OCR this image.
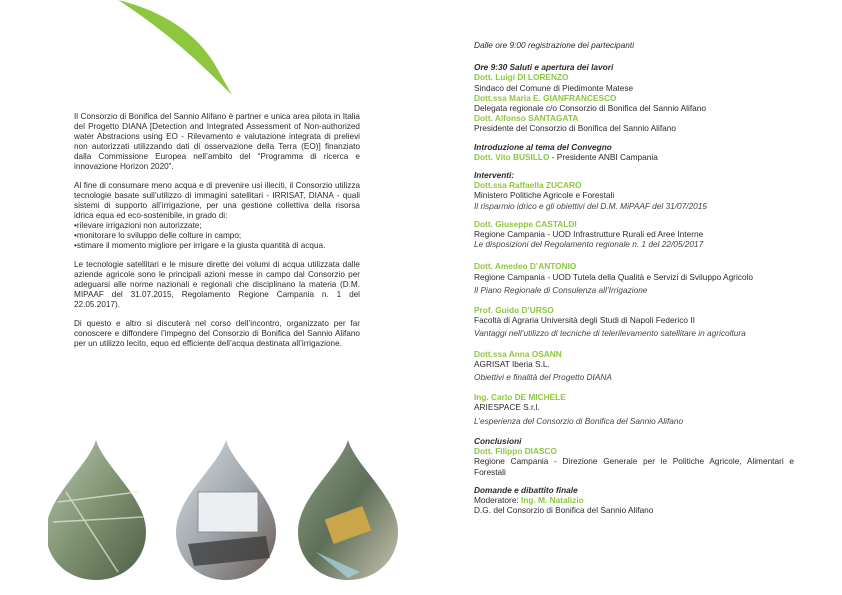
Il Consorzio di Bonifica del Sannio Alifano è partner e unica area pilota in Italia del Progetto DIANA [Detection and Integrated Assessment of Non-authorized water Abstracions using EO - Rilevamento e valutazione integrata di prelievi non autorizzati utilizzando dati di osservazione della Terra (EO)] finanziato dalla Commissione Europea nell’ambito del “Programma di ricerca e innovazione Horizon 2020”.

Al fine di consumare meno acqua e di prevenire usi illeciti, il Consorzio utilizza tecnologie basate sull’utilizzo di immagini satellitari - IRRISAT, DIANA - quali sistemi di supporto all’irrigazione, per una gestione collettiva della risorsa idrica equa ed eco-sostenibile, in grado di:

• rilevare irrigazioni non autorizzate;
• monitorare lo sviluppo delle colture in campo;
• stimare il momento migliore per irrigare e la giusta quantità di acqua.

Le tecnologie satellitari e le misure dirette dei volumi di acqua utilizzata dalle aziende agricole sono le principali azioni messe in campo dal Consorzio per adeguarsi alle norme nazionali e regionali che disciplinano la materia (D.M. MIPAAF del 31.07.2015, Regolamento Regione Campania n. 1 del 22.05.2017).

Di questo e altro si discuterà nel corso dell’incontro, organizzato per far conoscere e diffondere l’impegno del Consorzio di Bonifica del Sannio Alifano per un utilizzo lecito, equo ed efficiente dell’acqua destinata all’irrigazione.

Dalle ore 9:00 registrazione dei partecipanti
Ore 9:30 Saluti e apertura dei lavori
Dott. Luigi DI LORENZO
Sindaco del Comune di Piedimonte Matese
Dott.ssa Maria E. GIANFRANCESCO
Delegata regionale c/o Consorzio di Bonifica del Sannio Alifano
Dott. Alfonso SANTAGATA
Presidente del Consorzio di Bonifica del Sannio Alifano
Introduzione al tema del Convegno
Dott. Vito BUSILLO - Presidente ANBI Campania
Interventi:
Dott.ssa Raffaella ZUCARO
Ministero Politiche Agricole e Forestali
Il risparmio idrico e gli obiettivi del D.M. MiPAAF del 31/07/2015
Dott. Giuseppe CASTALDI
Regione Campania - UOD Infrastrutture Rurali ed Aree Interne
Le disposizioni del Regolamento regionale n. 1 del 22/05/2017
Dott. Amedeo D’ANTONIO
Regione Campania - UOD Tutela della Qualità e Servizi di Sviluppo Agricolo
Il Piano Regionale di Consulenza all’Irrigazione
Prof. Guido D’URSO
Facoltà di Agraria Università degli Studi di Napoli Federico II
Vantaggi nell’utilizzo di tecniche di telerilevamento satellitare in agricoltura
Dott.ssa Anna OSANN
AGRISAT Iberia S.L.
Obiettivi e finalità del Progetto DIANA
Ing. Carlo DE MICHELE
ARIESPACE S.r.l.
L’esperienza del Consorzio di Bonifica del Sannio Alifano
Conclusioni
Dott. Filippo DIASCO
Regione Campania - Direzione Generale per le Politiche Agricole, Alimentari e Forestali
Domande e dibattito finale
Moderatore: Ing. M. Natalizio
D.G. del Consorzio di Bonifica del Sannio Alifano
